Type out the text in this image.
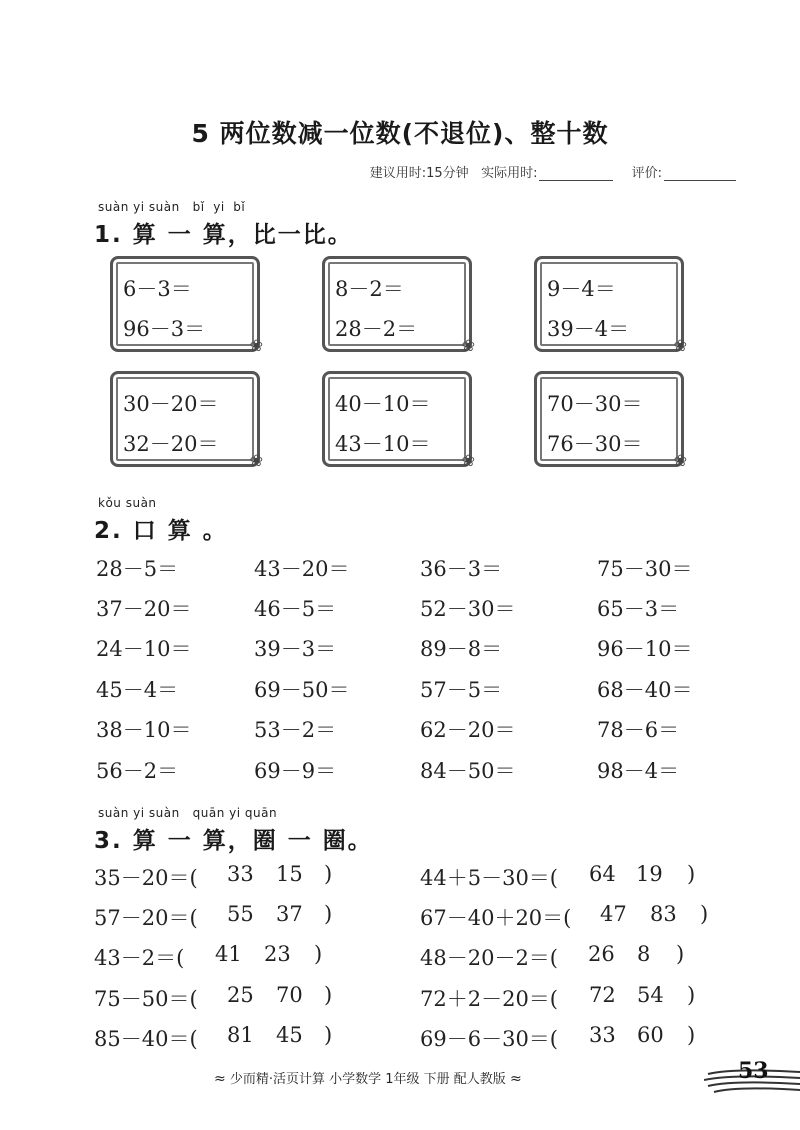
5 两位数减一位数(不退位)、整十数
建议用时:15分钟 实际用时:	评价:
suàn yi suàn   bǐ  yi  bǐ
1. 算 一 算，比一比。
6－3＝
96－3＝
❀
8－2＝
28－2＝
❀
9－4＝
39－4＝
❀
30－20＝
32－20＝
❀
40－10＝
43－10＝
❀
70－30＝
76－30＝
❀
kǒu suàn
2. 口 算 。
28－5＝	43－20＝	36－3＝	75－30＝
37－20＝	46－5＝	52－30＝	65－3＝
24－10＝	39－3＝	89－8＝	96－10＝
45－4＝	69－50＝	57－5＝	68－40＝
38－10＝	53－2＝	62－20＝	78－6＝
56－2＝	69－9＝	84－50＝	98－4＝
suàn yi suàn   quān yi quān
3. 算 一 算，圈 一 圈。
35－20＝( 33 15 )	44＋5－30＝( 64 19 )
57－20＝( 55 37 )	67－40＋20＝( 47 83 )
43－2＝( 41 23 )	48－20－2＝( 26 8 )
75－50＝( 25 70 )	72＋2－20＝( 72 54 )
85－40＝( 81 45 )	69－6－30＝( 33 60 )
≈ 少而精·活页计算 小学数学 1年级 下册 配人教版 ≈	53
